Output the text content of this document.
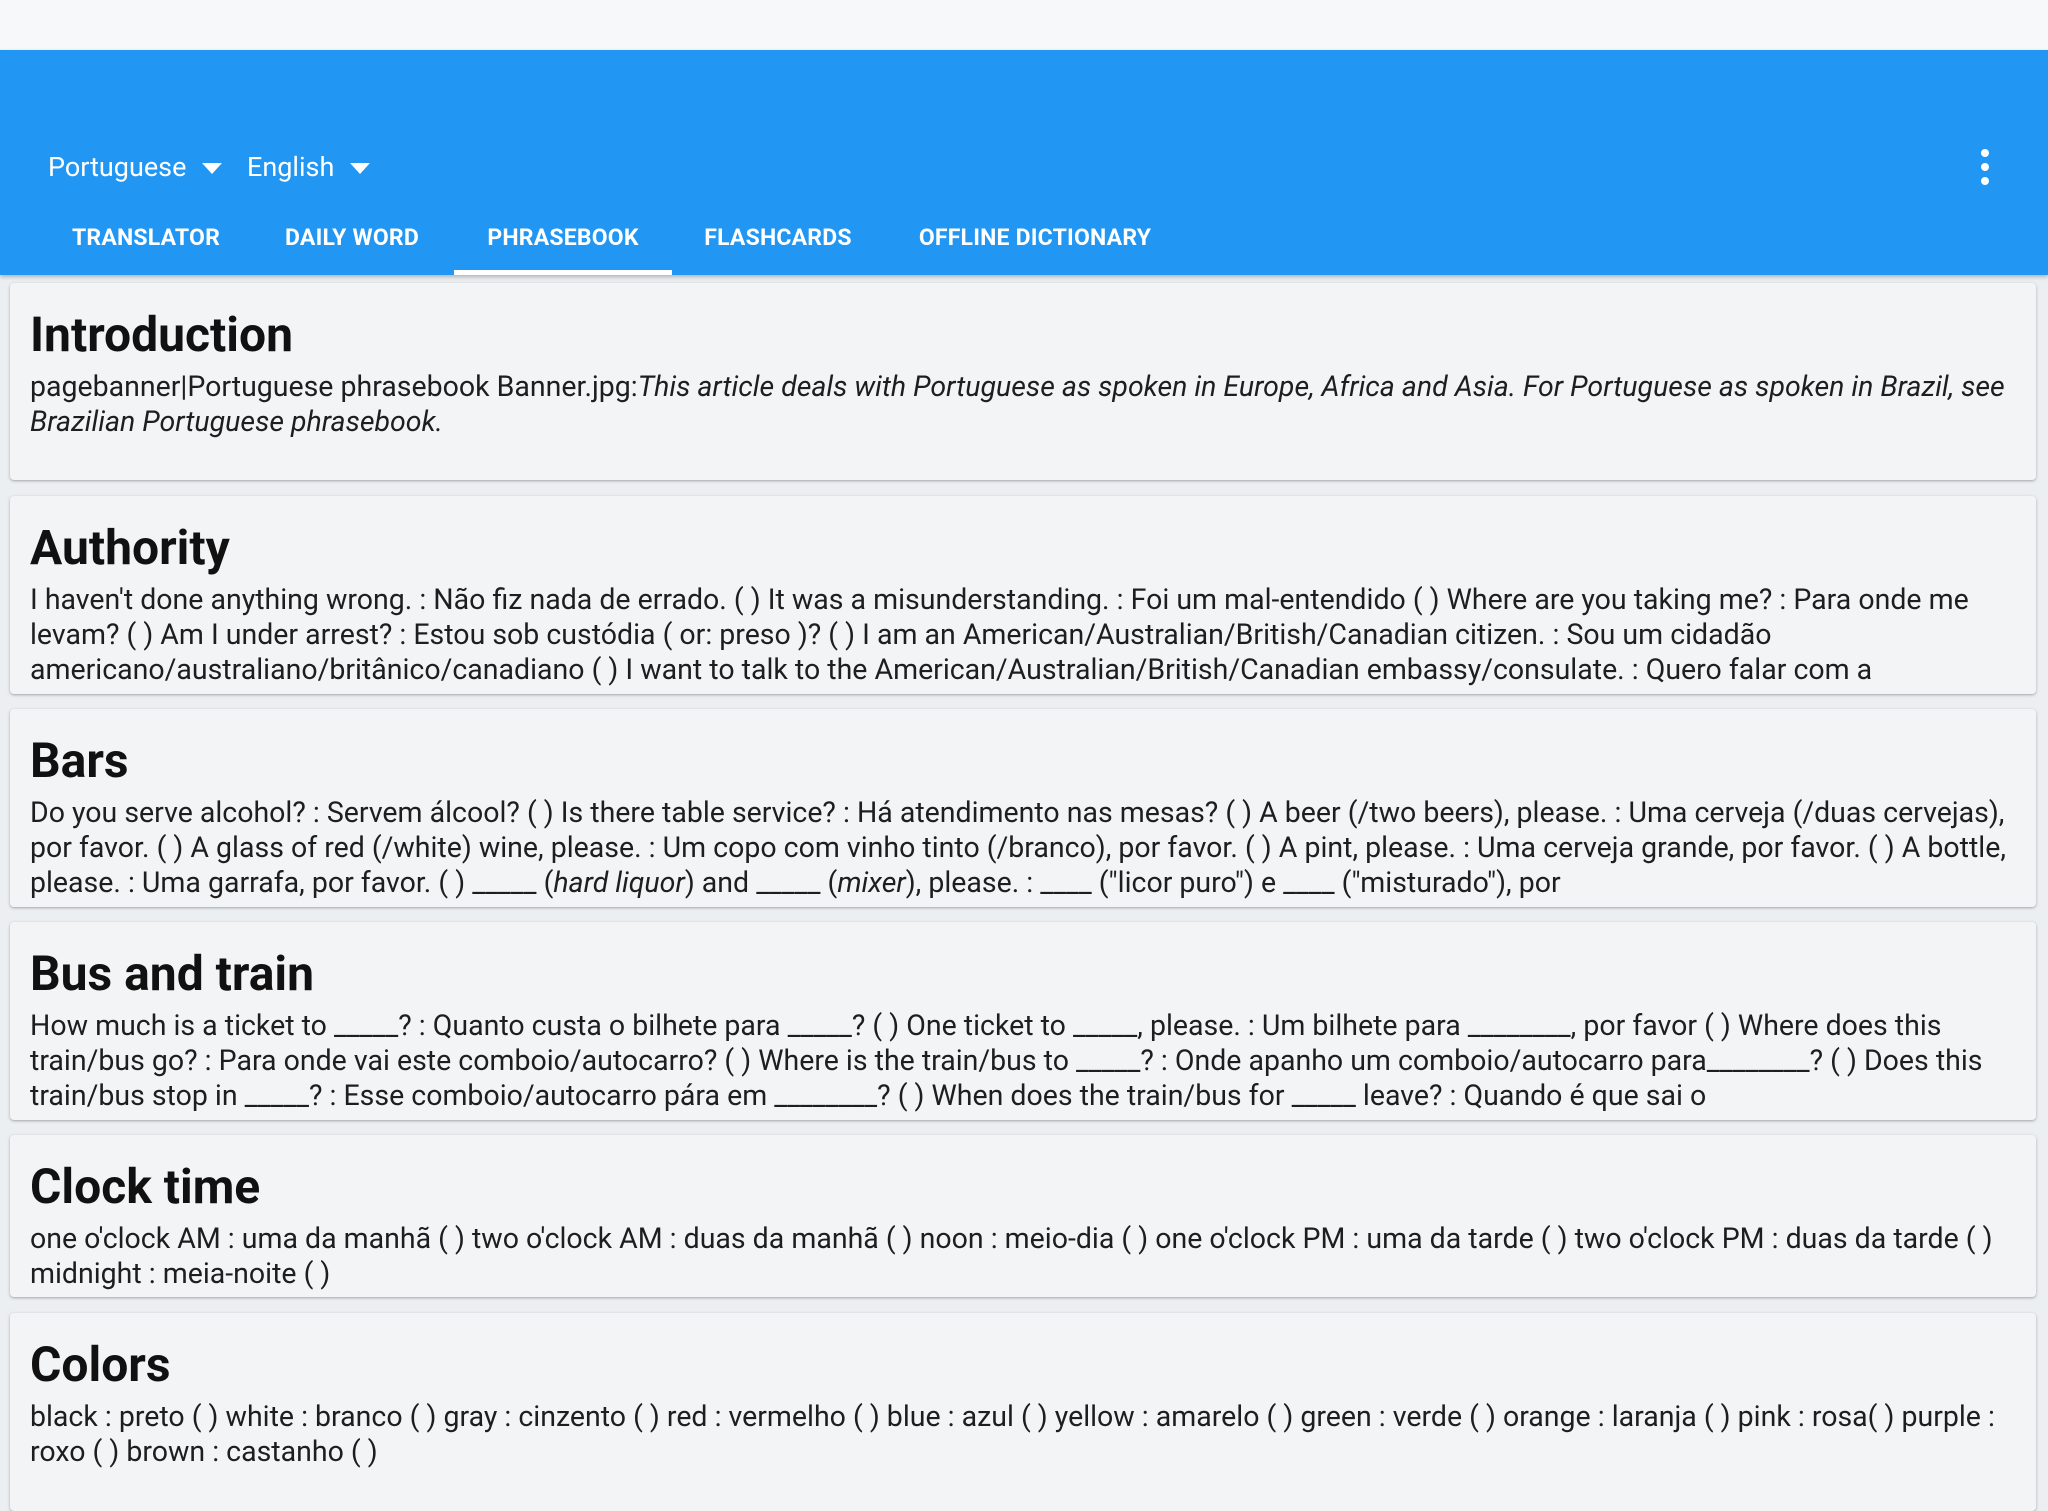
Portuguese English
TRANSLATOR	DAILY WORD	PHRASEBOOK	FLASHCARDS	OFFLINE DICTIONARY
Introduction

pagebanner|Portuguese phrasebook Banner.jpg:This article deals with Portuguese as spoken in Europe, Africa and Asia. For Portuguese as spoken in Brazil, see Brazilian Portuguese phrasebook.

Authority

I haven't done anything wrong. : Não fiz nada de errado. ( ) It was a misunderstanding. : Foi um mal-entendido ( ) Where are you taking me? : Para onde me levam? ( ) Am I under arrest? : Estou sob custódia ( or: preso )? ( ) I am an American/Australian/British/Canadian citizen. : Sou um cidadão americano/australiano/britânico/canadiano ( ) I want to talk to the American/Australian/British/Canadian embassy/consulate. : Quero falar com a

Bars

Do you serve alcohol? : Servem álcool? ( ) Is there table service? : Há atendimento nas mesas? ( ) A beer (/two beers), please. : Uma cerveja (/duas cervejas), por favor. ( ) A glass of red (/white) wine, please. : Um copo com vinho tinto (/branco), por favor. ( ) A pint, please. : Uma cerveja grande, por favor. ( ) A bottle, please. : Uma garrafa, por favor. ( ) _____ (hard liquor) and _____ (mixer), please. : ____ ("licor puro") e ____ ("misturado"), por

Bus and train

How much is a ticket to _____? : Quanto custa o bilhete para _____? ( ) One ticket to _____, please. : Um bilhete para ________, por favor ( ) Where does this train/bus go? : Para onde vai este comboio/autocarro? ( ) Where is the train/bus to _____? : Onde apanho um comboio/autocarro para________? ( ) Does this train/bus stop in _____? : Esse comboio/autocarro pára em ________? ( ) When does the train/bus for _____ leave? : Quando é que sai o

Clock time

one o'clock AM : uma da manhã ( ) two o'clock AM : duas da manhã ( ) noon : meio-dia ( ) one o'clock PM : uma da tarde ( ) two o'clock PM : duas da tarde ( ) midnight : meia-noite ( )

Colors

black : preto ( ) white : branco ( ) gray : cinzento ( ) red : vermelho ( ) blue : azul ( ) yellow : amarelo ( ) green : verde ( ) orange : laranja ( ) pink : rosa( ) purple : roxo ( ) brown : castanho ( )
